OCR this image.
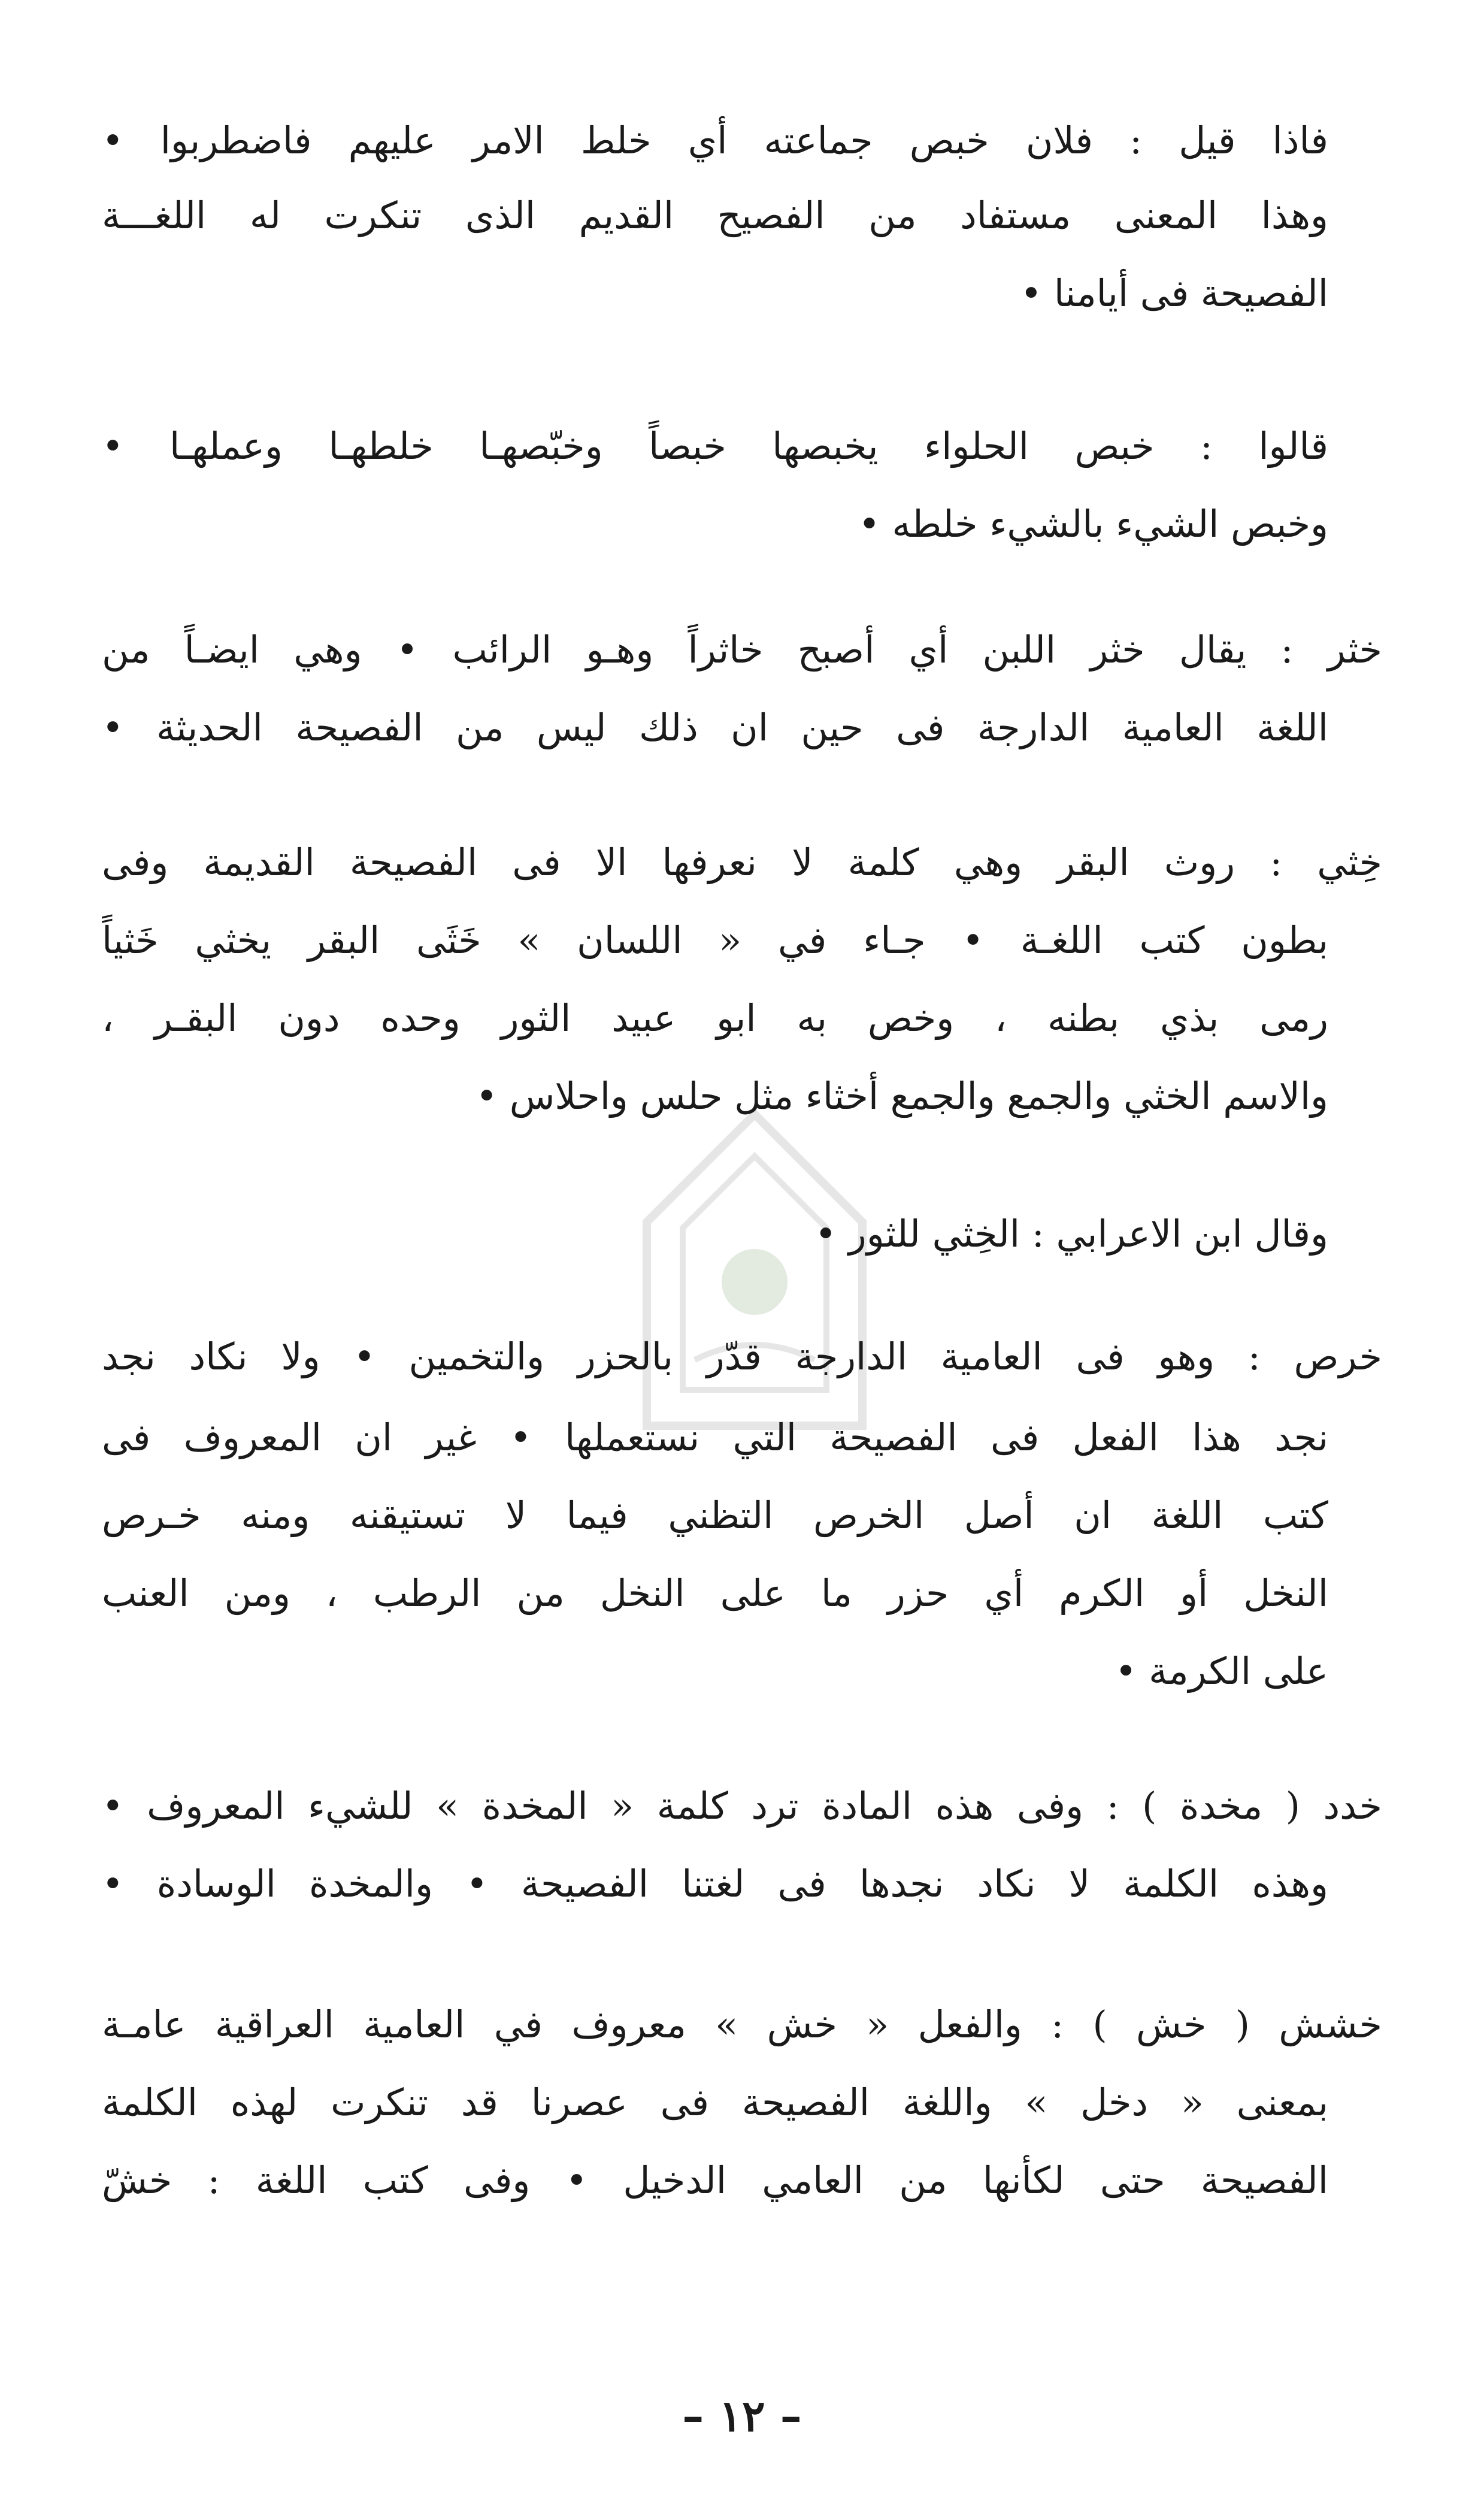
فاذا قيل : فلان خبص جماعته أي خلط الامر عليهم فاضطربوا •
وهذا المعنى مستفاد من الفصيح القديم الذى تنكرت له اللغـــة
الفصيحة فى أيامنا •
قالوا : خبص الحلواء يخبصها خبصاً وخبّصهـا خلطهـا وعملهـا •
وخبص الشيء بالشيء خلطه •
خثر : يقال خثر اللبن أي أصبح خاثراً وهـو الرائب • وهي ايضـاً من
اللغة العامية الدارجة فى حين ان ذلك ليس من الفصيحة الحديثة •
خِثي : روث البقر وهي كلمة لا نعرفها الا فى الفصيحة القديمة وفى
بطون كتب اللغـة • جـاء في « اللسان » خَثَى البقر يخثي خَثياً
رمى بذي بطنه ، وخص به ابو عبيد الثور وحده دون البقـر ،
والاسم الخثي والجمع والجمع أخثاء مثل حلس واحلاس •
وقال ابن الاعرابي : الخِثي للثور •
خرص : وهو فى العامية الدارجة قدّر بالحزر والتخمين • ولا نكاد نجد
نجد هذا الفعل فى الفصيحة التي نستعملها • غير ان المعروف فى
كتب اللغة ان أصل الخرص التظني فيما لا تستيقنه ومنه خـرص
النخل أو الكرم أي حزر ما على النخل من الرطب ، ومن العنب
على الكرمة •
خدد ( مخدة ) : وفى هذه المادة ترد كلمة « المخدة » للشيء المعروف •
وهذه الكلمة لا نكاد نجدها فى لغتنا الفصيحة • والمخدة الوسادة •
خشش ( خش ) : والفعل « خش » معروف في العامية العراقية عامـة
بمعنى « دخل » واللغة الفصيحة فى عصرنا قد تنكرت لهذه الكلمة
الفصيحة حتى لكأنها من العامي الدخيل • وفى كتب اللغة : خشّ
– ١٢ –
